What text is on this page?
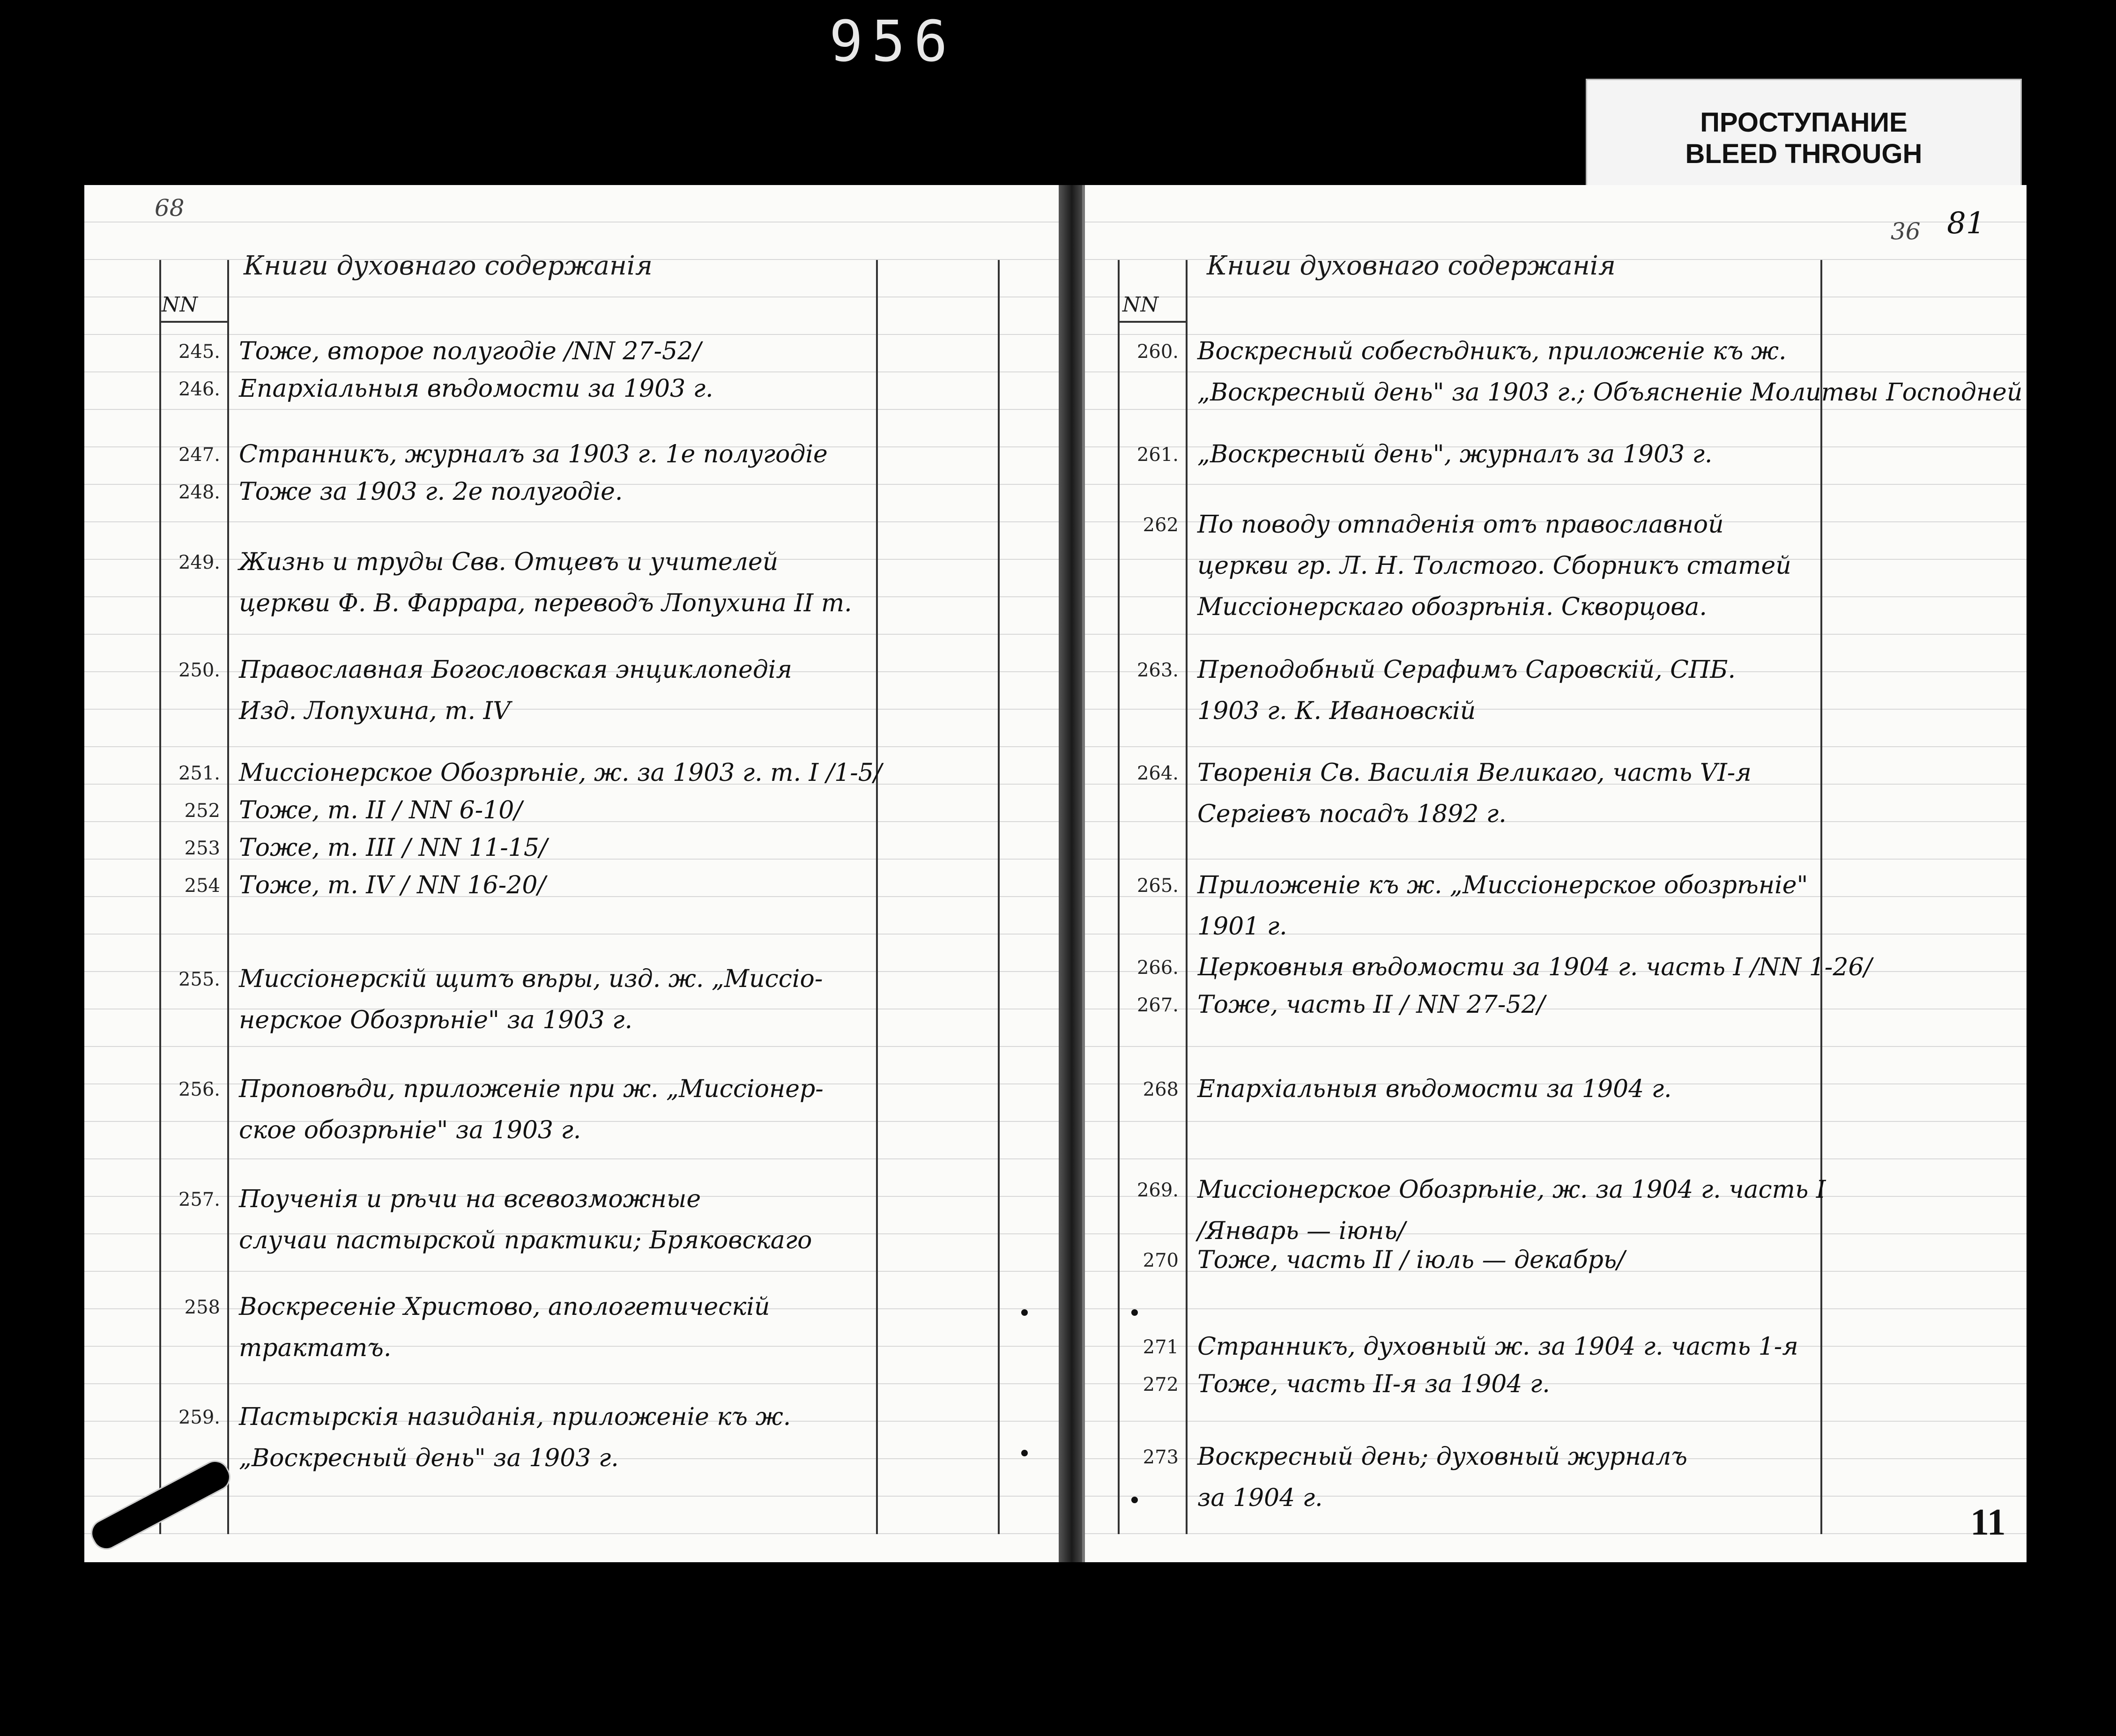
956
ПРОСТУПАНИЕ
BLEED THROUGH
68
Книги духовнаго содержанія
NN
245. Тоже, второе полугодіе /NN 27-52/
246. Епархіальныя вѣдомости за 1903 г.
247. Странникъ, журналъ за 1903 г. 1е полугодіе
248. Тоже за 1903 г. 2е полугодіе.
249. Жизнь и труды Свв. Отцевъ и учителей
церкви Ф. В. Фаррара, переводъ Лопухина II т.
250. Православная Богословская энциклопедія
Изд. Лопухина, т. IV
251. Миссіонерское Обозрѣніе, ж. за 1903 г. т. I /1-5/
252 Тоже, т. II / NN 6-10/
253 Тоже, т. III / NN 11-15/
254 Тоже, т. IV / NN 16-20/
255. Миссіонерскій щитъ вѣры, изд. ж. „Миссіо-
нерское Обозрѣніе" за 1903 г.
256. Проповѣди, приложеніе при ж. „Миссіонер-
ское обозрѣніе" за 1903 г.
257. Поученія и рѣчи на всевозможные
случаи пастырской практики; Бряковскаго
258 Воскресеніе Христово, апологетическій
трактатъ.
259. Пастырскія назиданія, приложеніе къ ж.
„Воскресный день" за 1903 г.
36 81
Книги духовнаго содержанія
NN
260. Воскресный собесѣдникъ, приложеніе къ ж.
„Воскресный день" за 1903 г.; Объясненіе Молитвы Господней
261. „Воскресный день", журналъ за 1903 г.
262 По поводу отпаденія отъ православной
церкви гр. Л. Н. Толстого. Сборникъ статей
Миссіонерскаго обозрѣнія. Скворцова.
263. Преподобный Серафимъ Саровскій, СПБ.
1903 г. К. Ивановскій
264. Творенія Св. Василія Великаго, часть VI-я
Сергіевъ посадъ 1892 г.
265. Приложеніе къ ж. „Миссіонерское обозрѣніе"
1901 г.
266. Церковныя вѣдомости за 1904 г. часть I /NN 1-26/
267. Тоже, часть II / NN 27-52/
268 Епархіальныя вѣдомости за 1904 г.
269. Миссіонерское Обозрѣніе, ж. за 1904 г. часть I
/Январь — іюнь/
270 Тоже, часть II / іюль — декабрь/
271 Странникъ, духовный ж. за 1904 г. часть 1-я
272 Тоже, часть II-я за 1904 г.
273 Воскресный день; духовный журналъ
за 1904 г.
11
